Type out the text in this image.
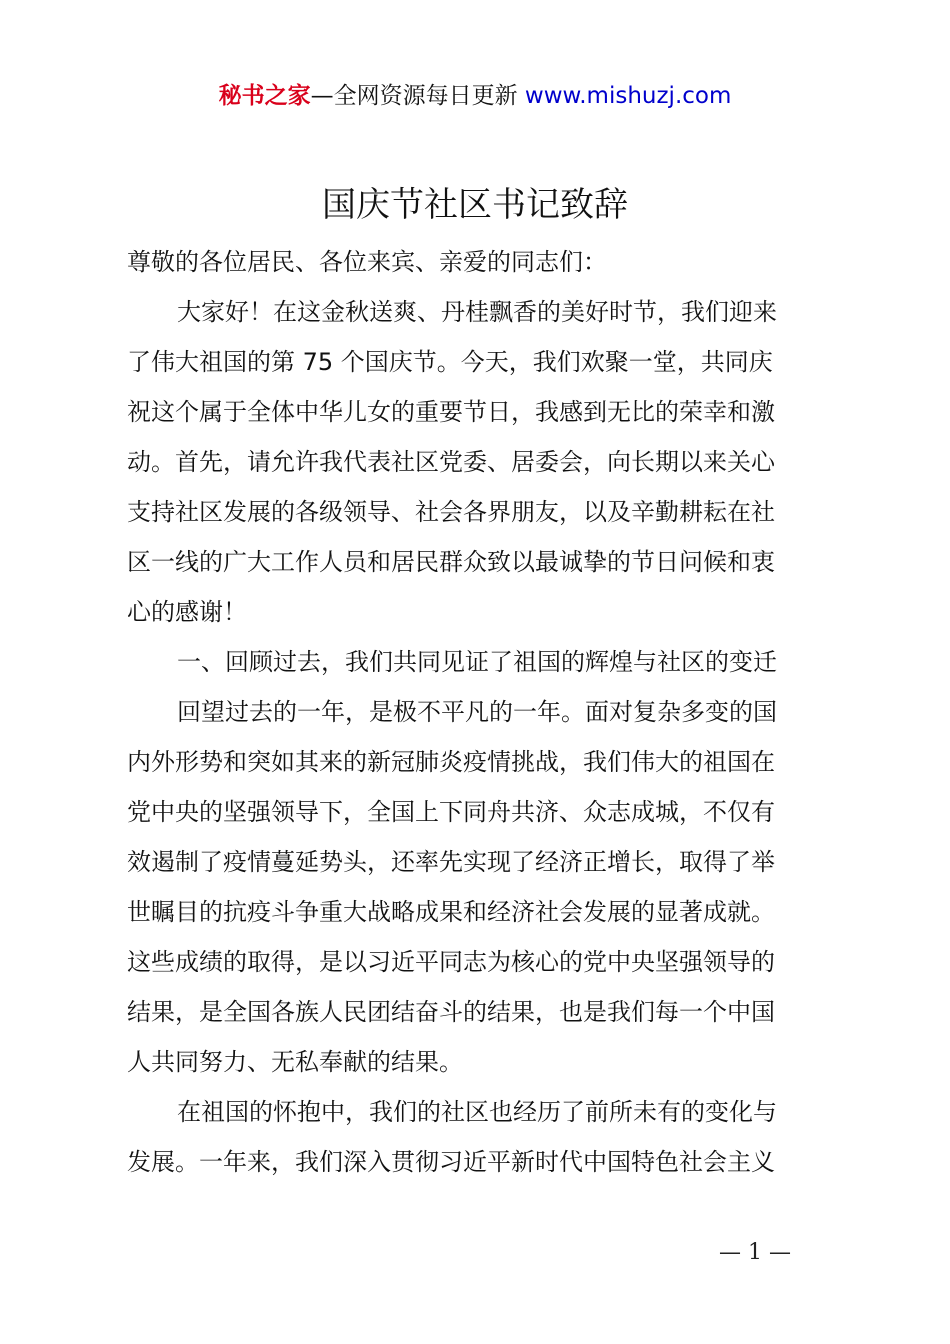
秘书之家—全网资源每日更新 www.mishuzj.com
国庆节社区书记致辞
尊敬的各位居民、各位来宾、亲爱的同志们：
大家好！在这金秋送爽、丹桂飘香的美好时节，我们迎来
了伟大祖国的第 75 个国庆节。今天，我们欢聚一堂，共同庆
祝这个属于全体中华儿女的重要节日，我感到无比的荣幸和激
动。首先，请允许我代表社区党委、居委会，向长期以来关心
支持社区发展的各级领导、社会各界朋友，以及辛勤耕耘在社
区一线的广大工作人员和居民群众致以最诚挚的节日问候和衷
心的感谢！
一、回顾过去，我们共同见证了祖国的辉煌与社区的变迁
回望过去的一年，是极不平凡的一年。面对复杂多变的国
内外形势和突如其来的新冠肺炎疫情挑战，我们伟大的祖国在
党中央的坚强领导下，全国上下同舟共济、众志成城，不仅有
效遏制了疫情蔓延势头，还率先实现了经济正增长，取得了举
世瞩目的抗疫斗争重大战略成果和经济社会发展的显著成就。
这些成绩的取得，是以习近平同志为核心的党中央坚强领导的
结果，是全国各族人民团结奋斗的结果，也是我们每一个中国
人共同努力、无私奉献的结果。
在祖国的怀抱中，我们的社区也经历了前所未有的变化与
发展。一年来，我们深入贯彻习近平新时代中国特色社会主义
— 1 —
